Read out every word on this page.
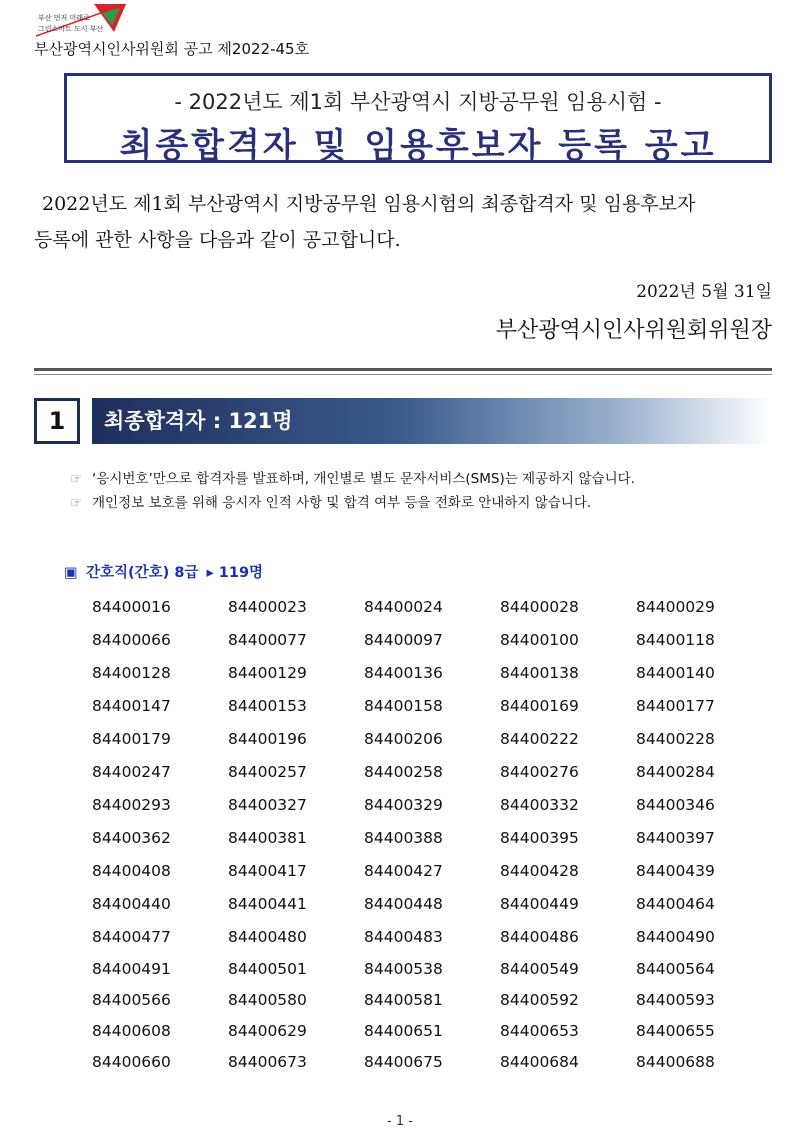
부산 먼저 미래로
그린스마트 도시 부산
부산광역시인사위원회 공고 제2022-45호
- 2022년도 제1회 부산광역시 지방공무원 임용시험 -
최종합격자 및 임용후보자 등록 공고

2022년도 제1회 부산광역시 지방공무원 임용시험의 최종합격자 및 임용후보자

등록에 관한 사항을 다음과 같이 공고합니다.

2022년 5월 31일
부산광역시인사위원회위원장
1	최종합격자 : 121명
☞ ‘응시번호’만으로 합격자를 발표하며, 개인별로 별도 문자서비스(SMS)는 제공하지 않습니다.
☞ 개인정보 보호를 위해 응시자 인적 사항 및 합격 여부 등을 전화로 안내하지 않습니다.
▣ 간호직(간호) 8급 ▸ 119명
84400016	84400023	84400024	84400028	84400029
84400066	84400077	84400097	84400100	84400118
84400128	84400129	84400136	84400138	84400140
84400147	84400153	84400158	84400169	84400177
84400179	84400196	84400206	84400222	84400228
84400247	84400257	84400258	84400276	84400284
84400293	84400327	84400329	84400332	84400346
84400362	84400381	84400388	84400395	84400397
84400408	84400417	84400427	84400428	84400439
84400440	84400441	84400448	84400449	84400464
84400477	84400480	84400483	84400486	84400490
84400491	84400501	84400538	84400549	84400564
84400566	84400580	84400581	84400592	84400593
84400608	84400629	84400651	84400653	84400655
84400660	84400673	84400675	84400684	84400688
- 1 -
